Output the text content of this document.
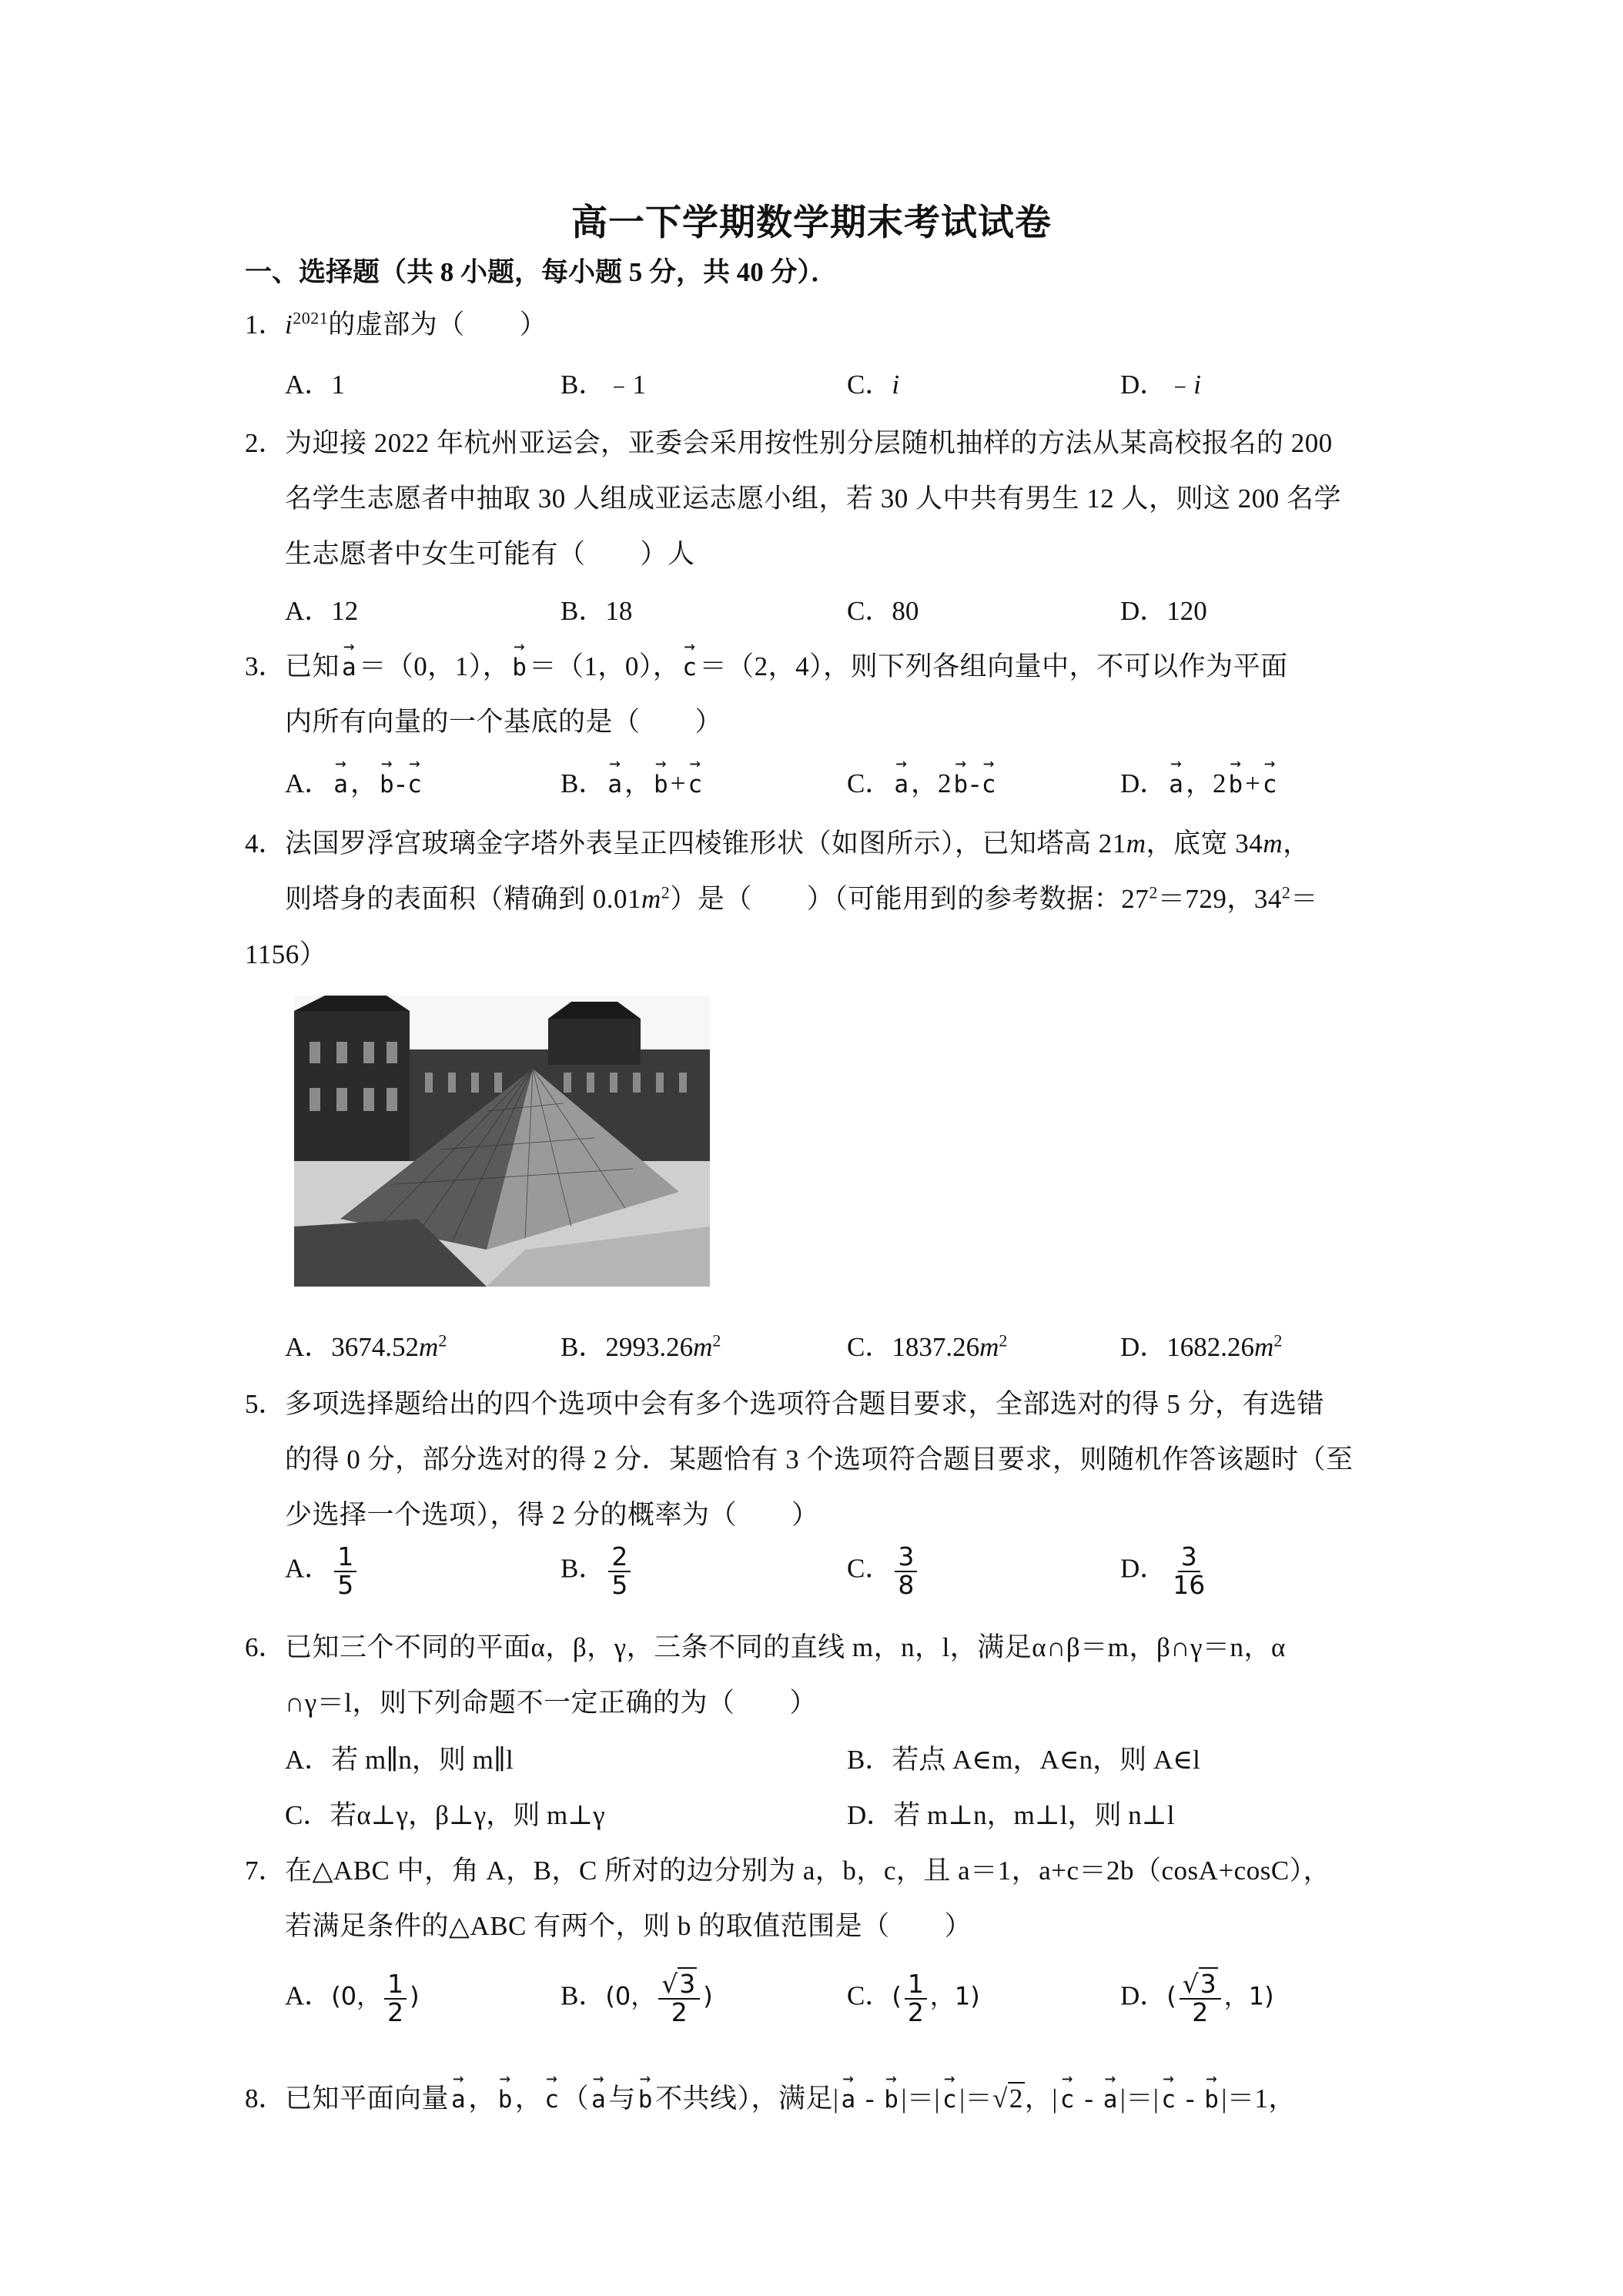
高一下学期数学期末考试试卷
一、选择题（共 8 小题，每小题 5 分，共 40 分）．
1． $i^{2021}$的虚部为（　　）
A．1	B．﹣1	C．i	D．﹣i
2． 为迎接 2022 年杭州亚运会，亚委会采用按性别分层随机抽样的方法从某高校报名的 200
名学生志愿者中抽取 30 人组成亚运志愿小组，若 30 人中共有男生 12 人，则这 200 名学
生志愿者中女生可能有（　　）人
A．12	B．18	C．80	D．120
3． 已知→ a＝（0，1），→ b＝（1，0），→ c＝（2，4），则下列各组向量中，不可以作为平面
内所有向量的一个基底的是（　　）
A．→ a，→ b-→ c	B．→ a，→ b+→ c	C．→ a，2→ b-→ c	D．→ a，2→ b+→ c
4． 法国罗浮宫玻璃金字塔外表呈正四棱锥形状（如图所示），已知塔高 21m，底宽 34m，
则塔身的表面积（精确到 $0.01m^2$）是（　　）（可能用到的参考数据：$27^2=729$，$34^2=$
1156）
A．$3674.52m^2$	B．$2993.26m^2$	C．$1837.26m^2$	D．$1682.26m^2$
5． 多项选择题给出的四个选项中会有多个选项符合题目要求，全部选对的得 5 分，有选错
的得 0 分，部分选对的得 2 分．某题恰有 3 个选项符合题目要求，则随机作答该题时（至
少选择一个选项），得 2 分的概率为（　　）
A． $\frac{1}{5}$	B． $\frac{2}{5}$	C． $\frac{3}{8}$	D． $\frac{3}{16}$
6． 已知三个不同的平面α，β，γ，三条不同的直线 m，n，l，满足α∩β＝m，β∩γ＝n，α
∩γ＝l，则下列命题不一定正确的为（　　）
A．若 m∥n，则 m∥l	B．若点 A∈m，A∈n，则 A∈l
C．若α⊥γ，β⊥γ，则 m⊥γ	D．若 m⊥n，m⊥l，则 n⊥l
7． 在△ABC 中，角 A，B，C 所对的边分别为 a，b，c，且 a＝1，a+c＝2b（cosA+cosC），
若满足条件的△ABC 有两个，则 b 的取值范围是（　　）
A．(0， $\frac{1}{2}$ )	B．(0， $\frac{√3}{2}$ )	C．( $\frac{1}{2}$ ，1)	D．( $\frac{√3}{2}$ ，1)
8． 已知平面向量→ a，→ b，→ c（→ a与→ b不共线），满足|→ a - → b|＝|→ c|＝√2，|→ c - → a|＝|→ c - → b|＝1，
